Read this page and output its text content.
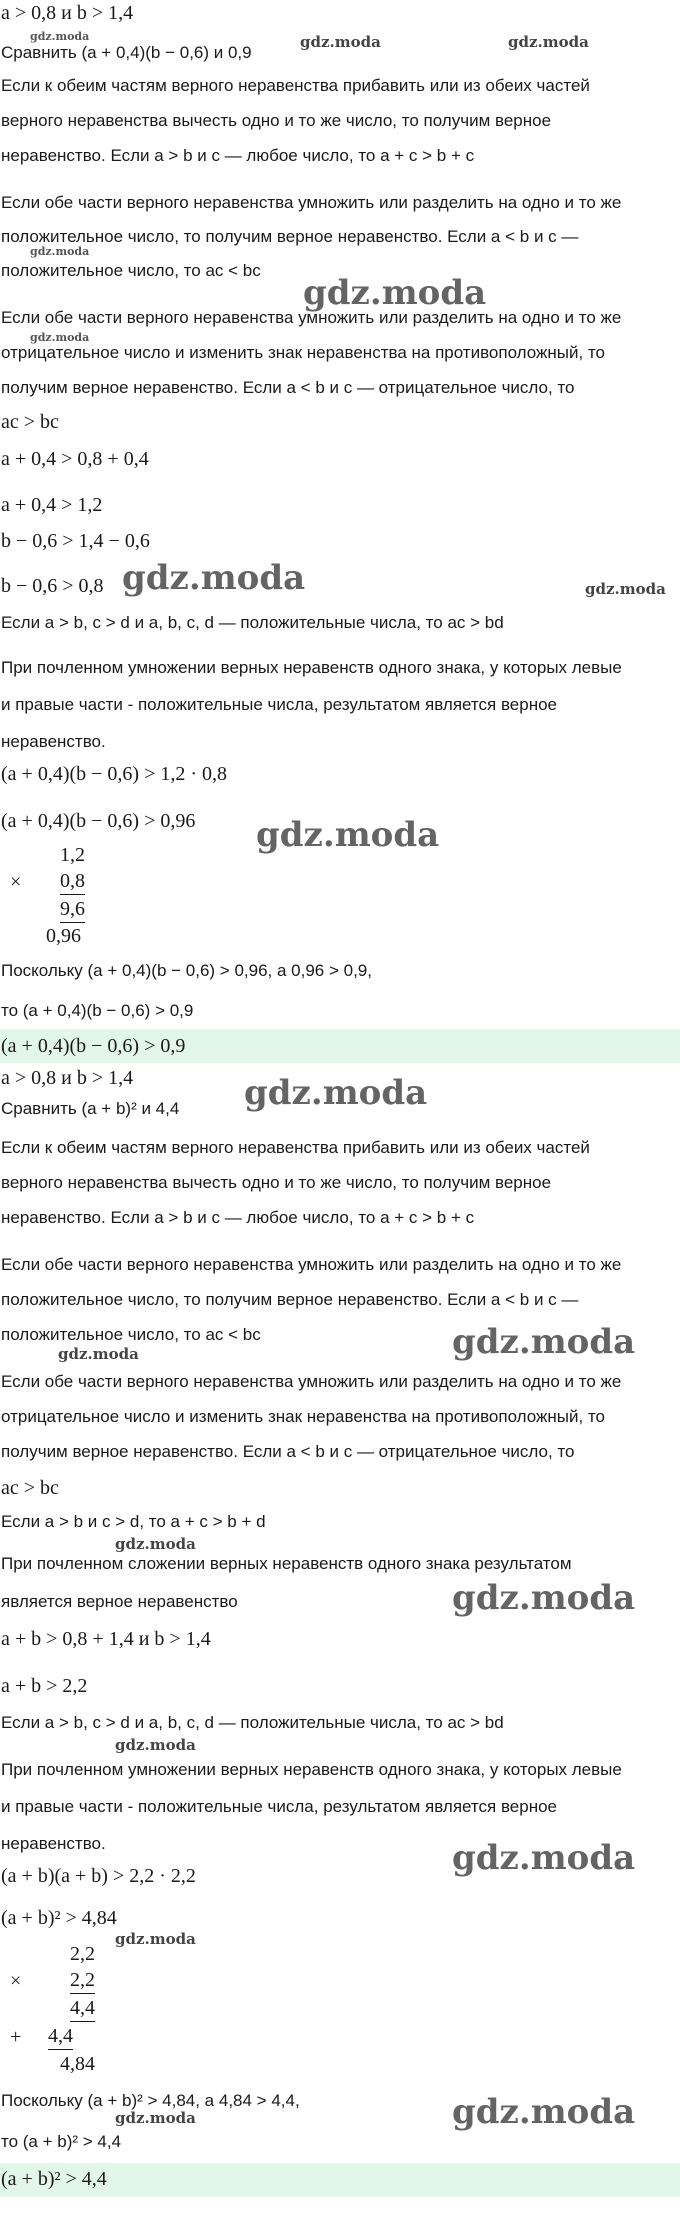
a > 0,8 и b > 1,4
Сравнить (a + 0,4)(b − 0,6) и 0,9
Если к обеим частям верного неравенства прибавить или из обеих частей
верного неравенства вычесть одно и то же число, то получим верное
неравенство. Если a > b и c — любое число, то a + c > b + c
Если обе части верного неравенства умножить или разделить на одно и то же
положительное число, то получим верное неравенство. Если a < b и c —
положительное число, то ac < bc
Если обе части верного неравенства умножить или разделить на одно и то же
отрицательное число и изменить знак неравенства на противоположный, то
получим верное неравенство. Если a < b и c — отрицательное число, то
ac > bc
a + 0,4 > 0,8 + 0,4
a + 0,4 > 1,2
b − 0,6 > 1,4 − 0,6
b − 0,6 > 0,8
Если a > b, c > d и a, b, c, d — положительные числа, то ac > bd
При почленном умножении верных неравенств одного знака, у которых левые
и правые части - положительные числа, результатом является верное
неравенство.
(a + 0,4)(b − 0,6) > 1,2 · 0,8
(a + 0,4)(b − 0,6) > 0,96
1,2
× 0,8
9,6
0,96
Поскольку (a + 0,4)(b − 0,6) > 0,96, а 0,96 > 0,9,
то (a + 0,4)(b − 0,6) > 0,9
(a + 0,4)(b − 0,6) > 0,9
a > 0,8 и b > 1,4
Сравнить (a + b)² и 4,4
Если к обеим частям верного неравенства прибавить или из обеих частей
верного неравенства вычесть одно и то же число, то получим верное
неравенство. Если a > b и c — любое число, то a + c > b + c
Если обе части верного неравенства умножить или разделить на одно и то же
положительное число, то получим верное неравенство. Если a < b и c —
положительное число, то ac < bc
Если обе части верного неравенства умножить или разделить на одно и то же
отрицательное число и изменить знак неравенства на противоположный, то
получим верное неравенство. Если a < b и c — отрицательное число, то
ac > bc
Если a > b и c > d, то a + c > b + d
При почленном сложении верных неравенств одного знака результатом
является верное неравенство
a + b > 0,8 + 1,4 и b > 1,4
a + b > 2,2
Если a > b, c > d и a, b, c, d — положительные числа, то ac > bd
При почленном умножении верных неравенств одного знака, у которых левые
и правые части - положительные числа, результатом является верное
неравенство.
(a + b)(a + b) > 2,2 · 2,2
(a + b)² > 4,84
2,2
× 2,2
4,4
+ 4,4
4,84
Поскольку (a + b)² > 4,84, а 4,84 > 4,4,
то (a + b)² > 4,4
(a + b)² > 4,4
gdz.moda	gdz.moda	gdz.moda
gdz.moda
gdz.moda
gdz.moda
gdz.moda	gdz.moda
gdz.moda
gdz.moda
gdz.moda
gdz.moda
gdz.moda
gdz.moda
gdz.moda
gdz.moda
gdz.moda
gdz.moda
gdz.moda
